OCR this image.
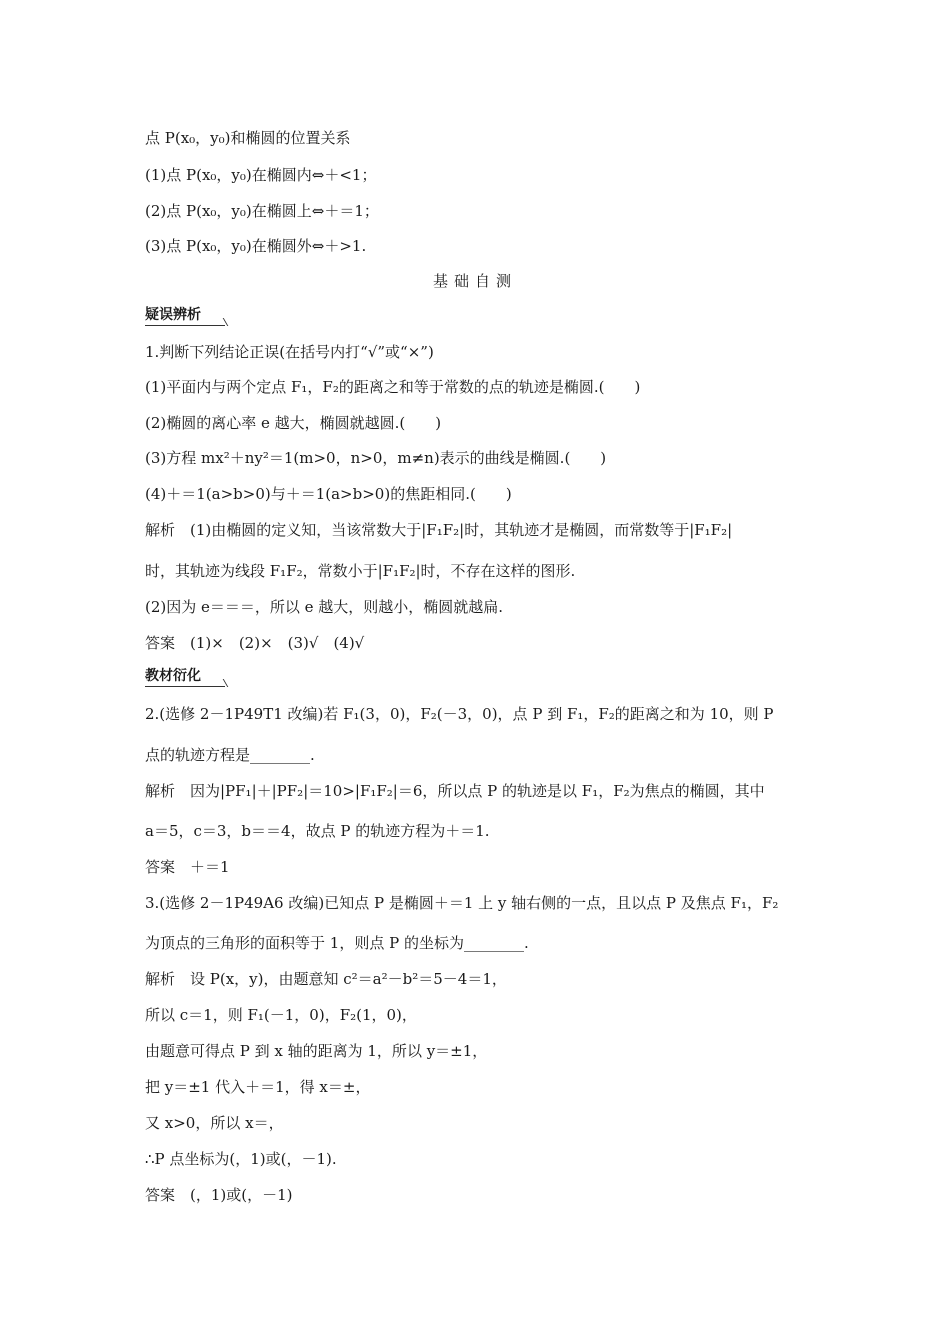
基础自测
疑误辨析
教材衍化
点 P(x₀，y₀)和椭圆的位置关系
(1)点 P(x₀，y₀)在椭圆内⇔＋<1；
(2)点 P(x₀，y₀)在椭圆上⇔＋＝1；
(3)点 P(x₀，y₀)在椭圆外⇔＋>1.
1.判断下列结论正误(在括号内打“√”或“×”)
(1)平面内与两个定点 F₁，F₂的距离之和等于常数的点的轨迹是椭圆.(　　)
(2)椭圆的离心率 e 越大，椭圆就越圆.(　　)
(3)方程 mx²＋ny²＝1(m>0，n>0，m≠n)表示的曲线是椭圆.(　　)
(4)＋＝1(a>b>0)与＋＝1(a>b>0)的焦距相同.(　　)
解析　(1)由椭圆的定义知，当该常数大于|F₁F₂|时，其轨迹才是椭圆，而常数等于|F₁F₂|
时，其轨迹为线段 F₁F₂，常数小于|F₁F₂|时，不存在这样的图形.
(2)因为 e＝＝＝，所以 e 越大，则越小，椭圆就越扁.
答案　(1)×　(2)×　(3)√　(4)√
2.(选修 2－1P49T1 改编)若 F₁(3，0)，F₂(－3，0)，点 P 到 F₁，F₂的距离之和为 10，则 P
点的轨迹方程是________.
解析　因为|PF₁|＋|PF₂|＝10>|F₁F₂|＝6，所以点 P 的轨迹是以 F₁，F₂为焦点的椭圆，其中
a＝5，c＝3，b＝＝4，故点 P 的轨迹方程为＋＝1.
答案　＋＝1
3.(选修 2－1P49A6 改编)已知点 P 是椭圆＋＝1 上 y 轴右侧的一点，且以点 P 及焦点 F₁，F₂
为顶点的三角形的面积等于 1，则点 P 的坐标为________.
解析　设 P(x，y)，由题意知 c²＝a²－b²＝5－4＝1，
所以 c＝1，则 F₁(－1，0)，F₂(1，0)，
由题意可得点 P 到 x 轴的距离为 1，所以 y＝±1，
把 y＝±1 代入＋＝1，得 x＝±，
又 x>0，所以 x＝，
∴P 点坐标为(，1)或(，－1).
答案　(，1)或(，－1)
